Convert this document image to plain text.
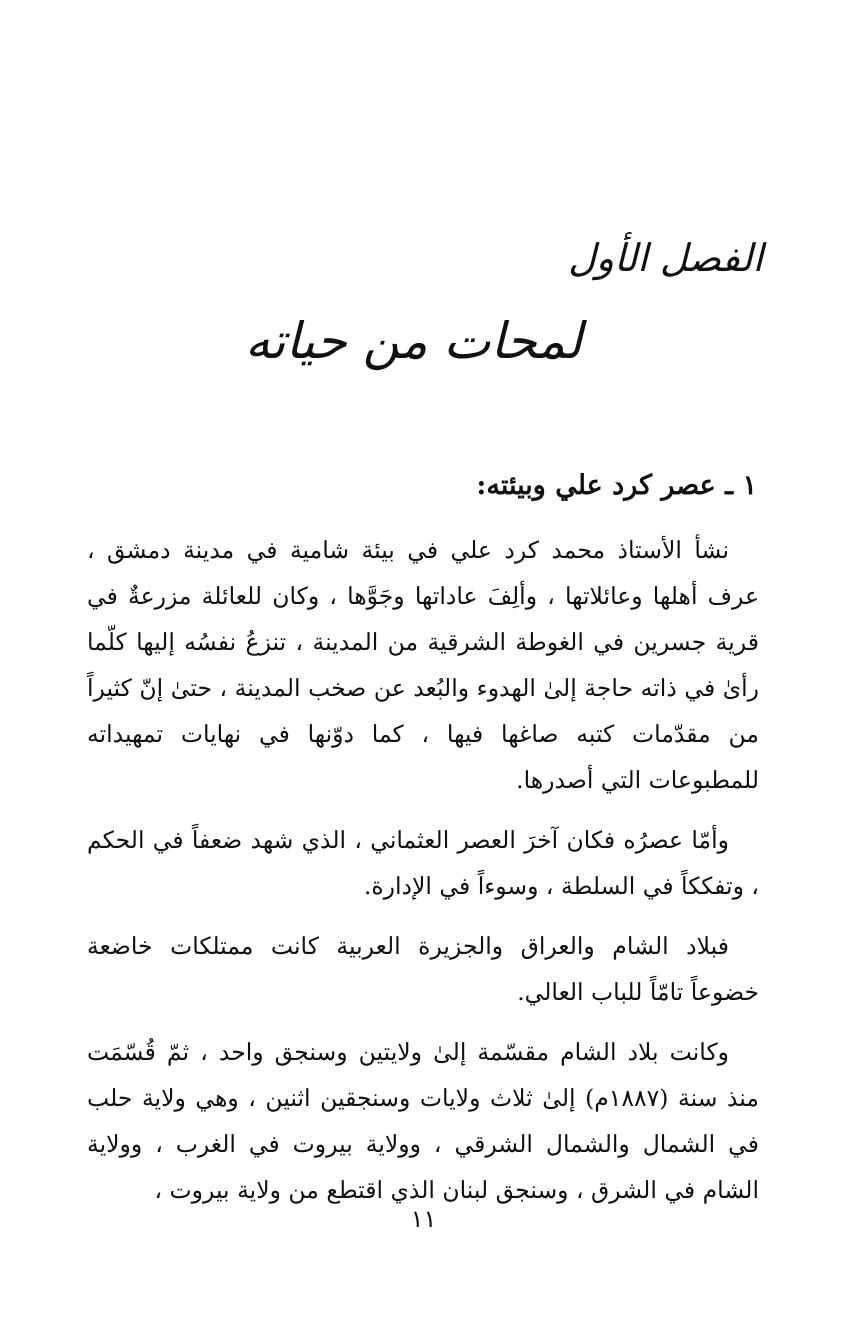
الفصل الأول
لمحات من حياته
١ ـ عصر كرد علي وبيئته:

نشأ الأستاذ محمد كرد علي في بيئة شامية في مدينة دمشق ، عرف أهلها وعائلاتها ، وألِفَ عاداتها وجَوَّها ، وكان للعائلة مزرعةٌ في قرية جسرين في الغوطة الشرقية من المدينة ، تنزعُ نفسُه إليها كلّما رأىٰ في ذاته حاجة إلىٰ الهدوء والبُعد عن صخب المدينة ، حتىٰ إنّ كثيراً من مقدّمات كتبه صاغها فيها ، كما دوّنها في نهايات تمهيداته للمطبوعات التي أصدرها.

وأمّا عصرُه فكان آخرَ العصر العثماني ، الذي شهد ضعفاً في الحكم ، وتفككاً في السلطة ، وسوءاً في الإدارة.

فبلاد الشام والعراق والجزيرة العربية كانت ممتلكات خاضعة خضوعاً تامّاً للباب العالي.

وكانت بلاد الشام مقسّمة إلىٰ ولايتين وسنجق واحد ، ثمّ قُسّمَت منذ سنة (١٨٨٧م) إلىٰ ثلاث ولايات وسنجقين اثنين ، وهي ولاية حلب في الشمال والشمال الشرقي ، وولاية بيروت في الغرب ، وولاية الشام في الشرق ، وسنجق لبنان الذي اقتطع من ولاية بيروت ،

١١
